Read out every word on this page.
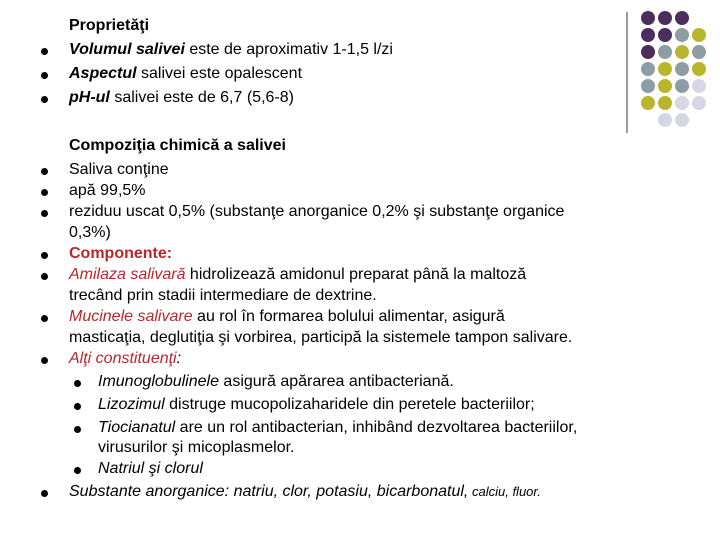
Proprietăţi
Volumul salivei este de aproximativ 1-1,5 l/zi
Aspectul salivei este opalescent
pH-ul salivei este de 6,7 (5,6-8)
Compoziţia chimică a salivei
Saliva conţine
apă 99,5%
reziduu uscat 0,5% (substanţe anorganice 0,2% şi substanţe organice
0,3%)
Componente:
Amilaza salivară hidrolizează amidonul preparat până la maltoză
trecând prin stadii intermediare de dextrine.
Mucinele salivare au rol în formarea bolului alimentar, asigură
masticaţia, deglutiţia şi vorbirea, participă la sistemele tampon salivare.
Alţi constituenţi:
Imunoglobulinele asigură apărarea antibacteriană.
Lizozimul distruge mucopolizaharidele din peretele bacteriilor;
Tiocianatul are un rol antibacterian, inhibând dezvoltarea bacteriilor,
virusurilor şi micoplasmelor.
Natriul şi clorul
Substante anorganice: natriu, clor, potasiu, bicarbonatul, calciu, fluor.
